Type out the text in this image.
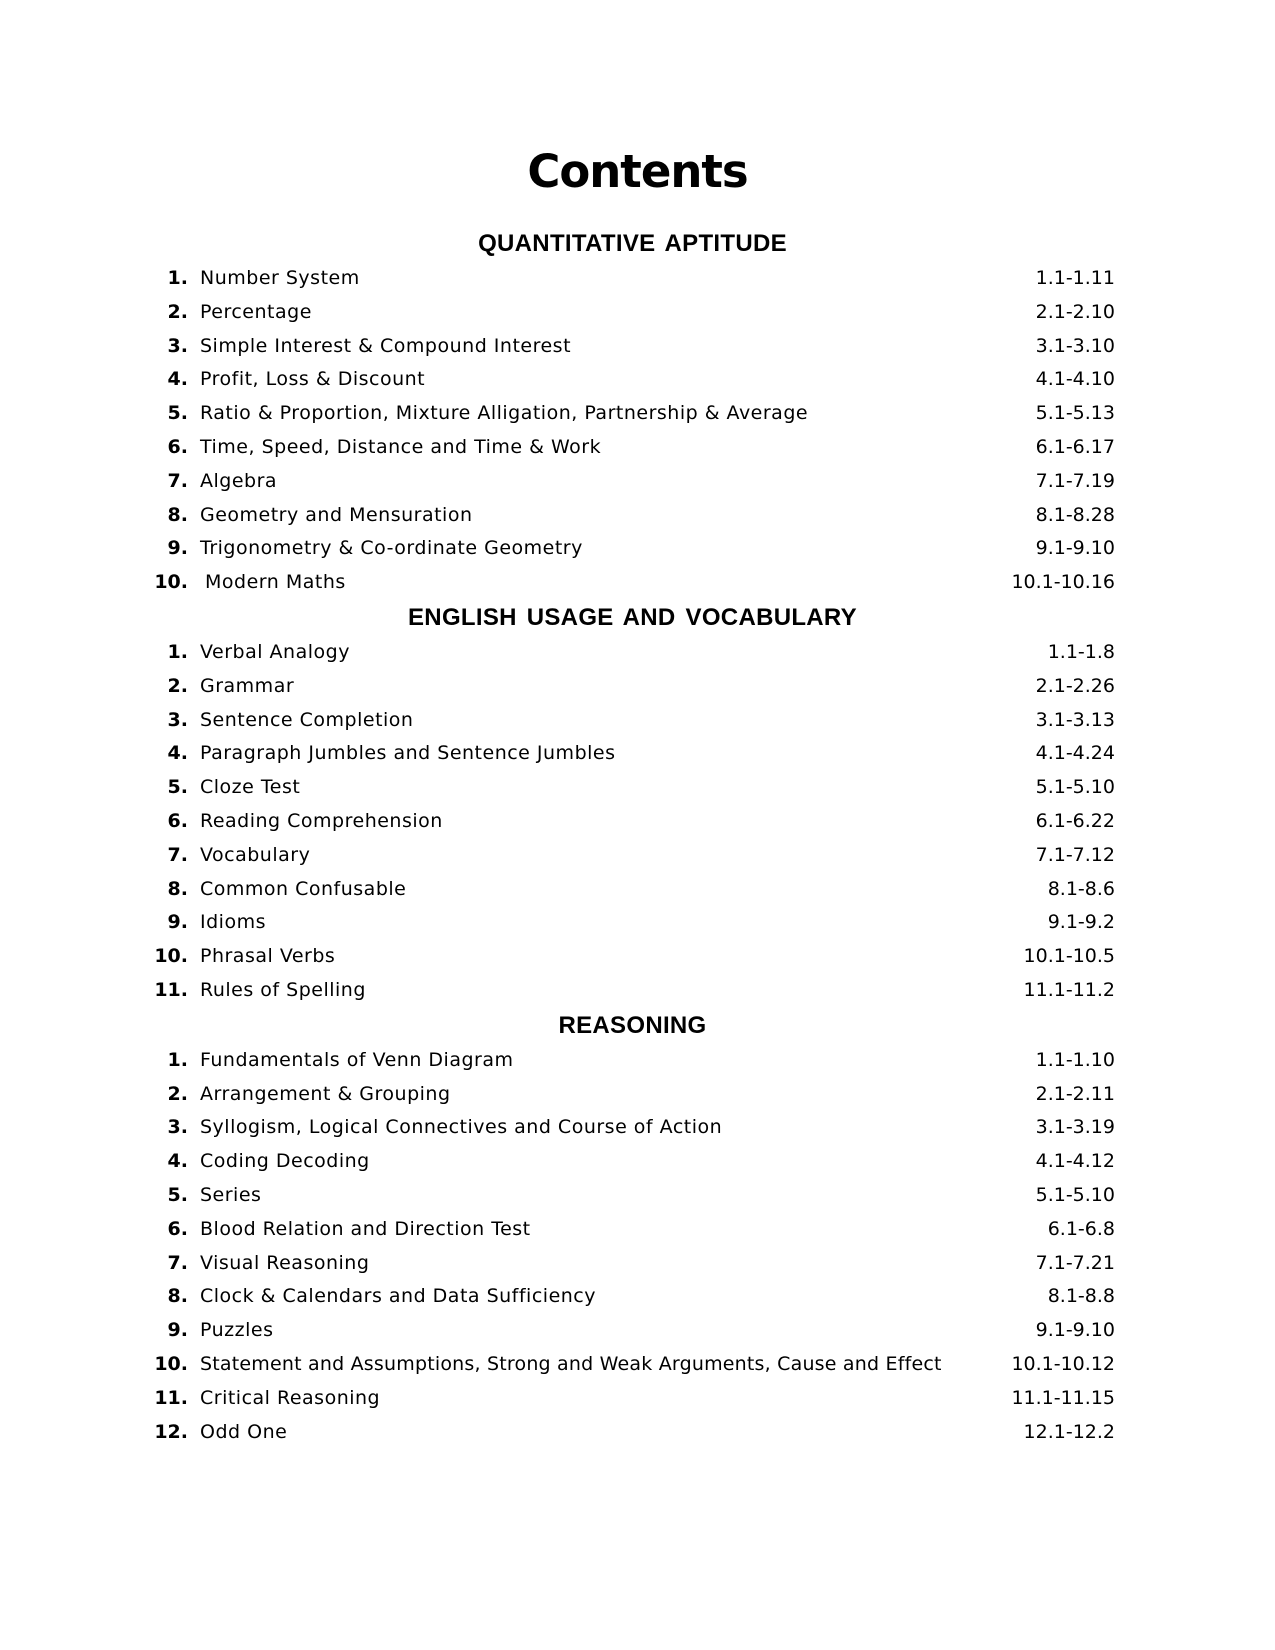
Contents
QUANTITATIVE APTITUDE
1. Number System	1.1-1.11
2. Percentage	2.1-2.10
3. Simple Interest & Compound Interest	3.1-3.10
4. Profit, Loss & Discount	4.1-4.10
5. Ratio & Proportion, Mixture Alligation, Partnership & Average	5.1-5.13
6. Time, Speed, Distance and Time & Work	6.1-6.17
7. Algebra	7.1-7.19
8. Geometry and Mensuration	8.1-8.28
9. Trigonometry & Co-ordinate Geometry	9.1-9.10
10. Modern Maths	10.1-10.16
ENGLISH USAGE AND VOCABULARY
1. Verbal Analogy	1.1-1.8
2. Grammar	2.1-2.26
3. Sentence Completion	3.1-3.13
4. Paragraph Jumbles and Sentence Jumbles	4.1-4.24
5. Cloze Test	5.1-5.10
6. Reading Comprehension	6.1-6.22
7. Vocabulary	7.1-7.12
8. Common Confusable	8.1-8.6
9. Idioms	9.1-9.2
10. Phrasal Verbs	10.1-10.5
11. Rules of Spelling	11.1-11.2
REASONING
1. Fundamentals of Venn Diagram	1.1-1.10
2. Arrangement & Grouping	2.1-2.11
3. Syllogism, Logical Connectives and Course of Action	3.1-3.19
4. Coding Decoding	4.1-4.12
5. Series	5.1-5.10
6. Blood Relation and Direction Test	6.1-6.8
7. Visual Reasoning	7.1-7.21
8. Clock & Calendars and Data Sufficiency	8.1-8.8
9. Puzzles	9.1-9.10
10. Statement and Assumptions, Strong and Weak Arguments, Cause and Effect	10.1-10.12
11. Critical Reasoning	11.1-11.15
12. Odd One	12.1-12.2
